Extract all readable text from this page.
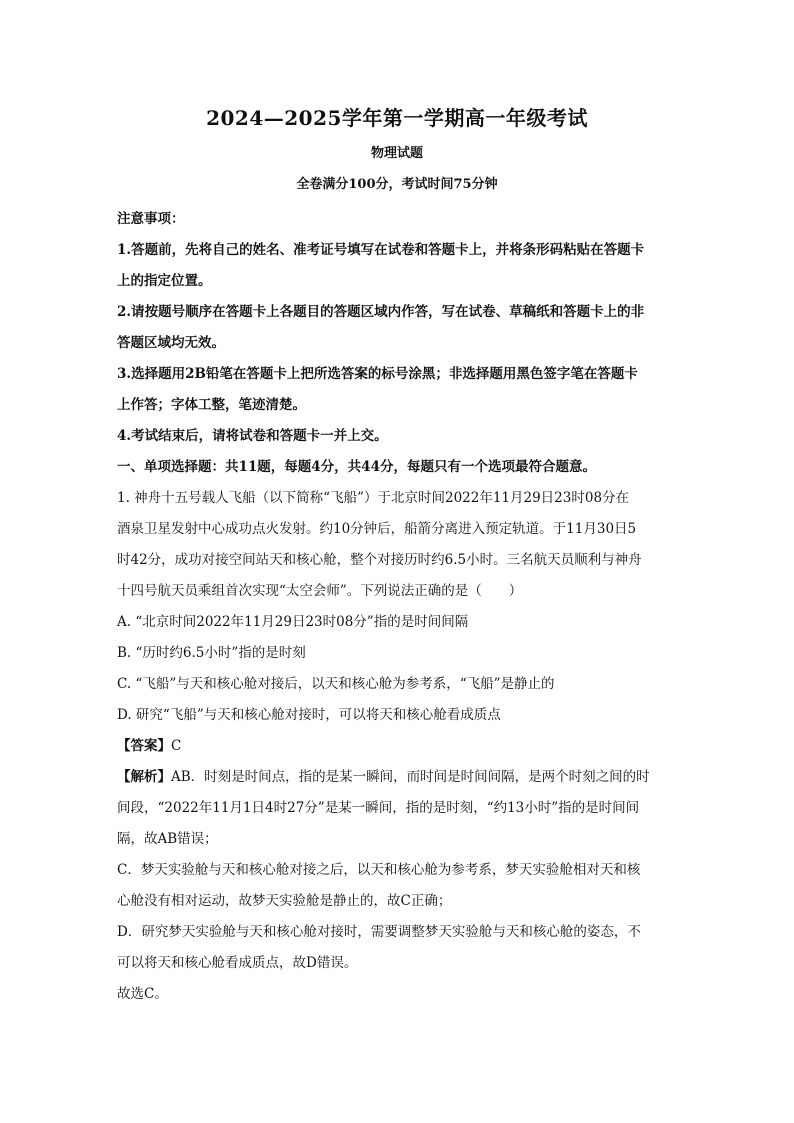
2024—2025学年第一学期高一年级考试
物理试题
全卷满分100分，考试时间75分钟
注意事项：
1.答题前，先将自己的姓名、准考证号填写在试卷和答题卡上，并将条形码粘贴在答题卡
上的指定位置。
2.请按题号顺序在答题卡上各题目的答题区域内作答，写在试卷、草稿纸和答题卡上的非
答题区域均无效。
3.选择题用2B铅笔在答题卡上把所选答案的标号涂黑；非选择题用黑色签字笔在答题卡
上作答；字体工整，笔迹清楚。
4.考试结束后，请将试卷和答题卡一并上交。
一、单项选择题：共11题，每题4分，共44分，每题只有一个选项最符合题意。
1. 神舟十五号载人飞船（以下简称“飞船”）于北京时间2022年11月29日23时08分在
酒泉卫星发射中心成功点火发射。约10分钟后，船箭分离进入预定轨道。于11月30日5
时42分，成功对接空间站天和核心舱，整个对接历时约6.5小时。三名航天员顺利与神舟
十四号航天员乘组首次实现“太空会师”。下列说法正确的是（　　）
A. “北京时间2022年11月29日23时08分”指的是时间间隔
B. “历时约6.5小时”指的是时刻
C. “飞船”与天和核心舱对接后，以天和核心舱为参考系，“飞船”是静止的
D. 研究“飞船”与天和核心舱对接时，可以将天和核心舱看成质点
【答案】C
【解析】AB．时刻是时间点，指的是某一瞬间，而时间是时间间隔，是两个时刻之间的时
间段，“2022年11月1日4时27分”是某一瞬间，指的是时刻，“约13小时”指的是时间间
隔，故AB错误；
C．梦天实验舱与天和核心舱对接之后，以天和核心舱为参考系，梦天实验舱相对天和核
心舱没有相对运动，故梦天实验舱是静止的，故C正确；
D．研究梦天实验舱与天和核心舱对接时，需要调整梦天实验舱与天和核心舱的姿态，不
可以将天和核心舱看成质点，故D错误。
故选C。
